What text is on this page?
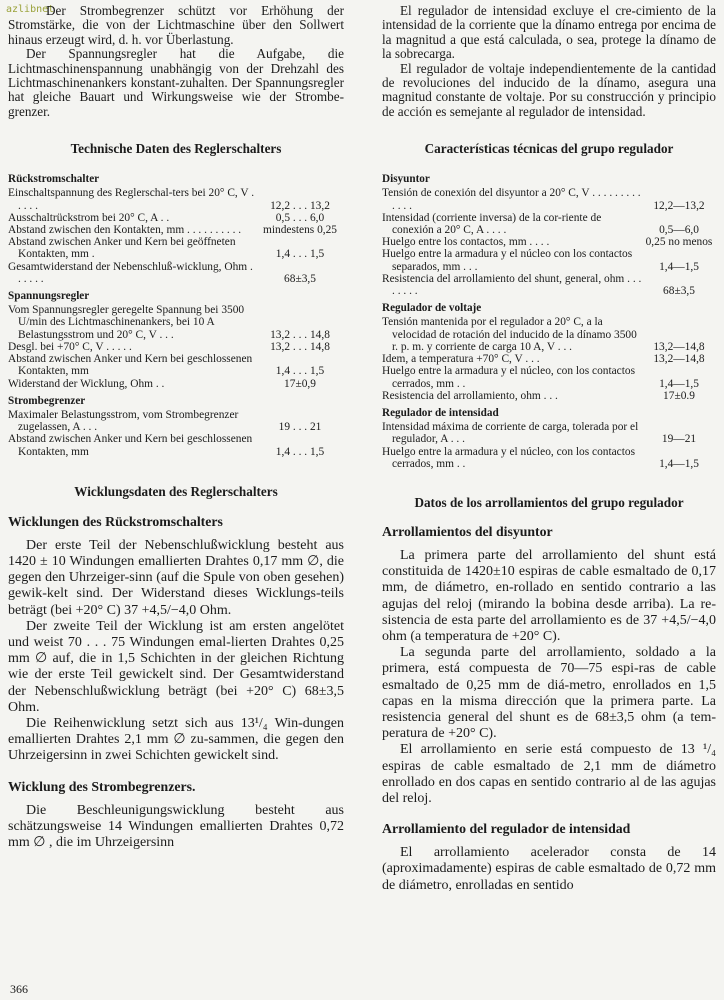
azlibnet

Der Strombegrenzer schützt vor Erhöhung der Stromstärke, die von der Lichtmaschine über den Sollwert hinaus erzeugt wird, d. h. vor Überlastung.

Der Spannungsregler hat die Aufgabe, die Lichtmaschinenspannung unabhängig von der Drehzahl des Lichtmaschinenankers konstant-zuhalten. Der Spannungsregler hat gleiche Bauart und Wirkungsweise wie der Strombe-grenzer.

Technische Daten des Reglerschalters
Rückstromschalter
Einschaltspannung des Reglerschal-ters bei 20° C, V . . . . .	12,2 . . . 13,2
Ausschaltrückstrom bei 20° C, A . .	0,5 . . . 6,0
Abstand zwischen den Kontakten, mm . . . . . . . . . .	mindestens 0,25
Abstand zwischen Anker und Kern bei geöffneten Kontakten, mm .	1,4 . . . 1,5
Gesamtwiderstand der Nebenschluß-wicklung, Ohm . . . . . .	68±3,5
Spannungsregler
Vom Spannungsregler geregelte Spannung bei 3500 U/min des Lichtmaschinenankers, bei 10 A Belastungsstrom und 20° C, V . . .	13,2 . . . 14,8
Desgl. bei +70° C, V . . . . .	13,2 . . . 14,8
Abstand zwischen Anker und Kern bei geschlossenen Kontakten, mm	1,4 . . . 1,5
Widerstand der Wicklung, Ohm . .	17±0,9
Strombegrenzer
Maximaler Belastungsstrom, vom Strombegrenzer zugelassen, A . . .	19 . . . 21
Abstand zwischen Anker und Kern bei geschlossenen Kontakten, mm	1,4 . . . 1,5
Wicklungsdaten des Reglerschalters
Wicklungen des Rückstromschalters

Der erste Teil der Nebenschlußwicklung besteht aus 1420 ± 10 Windungen emallierten Drahtes 0,17 mm ∅, die gegen den Uhrzeiger-sinn (auf die Spule von oben gesehen) gewik-kelt sind. Der Widerstand dieses Wicklungs-teils beträgt (bei +20° C) 37 +4,5/−4,0 Ohm.

Der zweite Teil der Wicklung ist am ersten angelötet und weist 70 . . . 75 Windungen emal-lierten Drahtes 0,25 mm ∅ auf, die in 1,5 Schichten in der gleichen Richtung wie der erste Teil gewickelt sind. Der Gesamtwiderstand der Nebenschlußwicklung beträgt (bei +20° C) 68±3,5 Ohm.

Die Reihenwicklung setzt sich aus 13¹/₄ Win-dungen emallierten Drahtes 2,1 mm ∅ zu-sammen, die gegen den Uhrzeigersinn in zwei Schichten gewickelt sind.

Wicklung des Strombegrenzers.

Die Beschleunigungswicklung besteht aus schätzungsweise 14 Windungen emallierten Drahtes 0,72 mm ∅ , die im Uhrzeigersinn

El regulador de intensidad excluye el cre-cimiento de la intensidad de la corriente que la dínamo entrega por encima de la magnitud a que está calculada, o sea, protege la dínamo de la sobrecarga.

El regulador de voltaje independientemente de la cantidad de revoluciones del inducido de la dínamo, asegura una magnitud constante de voltaje. Por su construcción y principio de acción es semejante al regulador de intensidad.

Características técnicas del grupo regulador
Disyuntor
Tensión de conexión del disyuntor a 20° C, V . . . . . . . . . . . . .	12,2—13,2
Intensidad (corriente inversa) de la cor-riente de conexión a 20° C, A . . . .	0,5—6,0
Huelgo entre los contactos, mm . . . .	0,25 no menos
Huelgo entre la armadura y el núcleo con los contactos separados, mm . . .	1,4—1,5
Resistencia del arrollamiento del shunt, general, ohm . . . . . . . .	68±3,5
Regulador de voltaje
Tensión mantenida por el regulador a 20° C, a la velocidad de rotación del inducido de la dínamo 3500 r. p. m. y corriente de carga 10 A, V . . .	13,2—14,8
Idem, a temperatura +70° C, V . . .	13,2—14,8
Huelgo entre la armadura y el núcleo, con los contactos cerrados, mm . .	1,4—1,5
Resistencia del arrollamiento, ohm . . .	17±0.9
Regulador de intensidad
Intensidad máxima de corriente de carga, tolerada por el regulador, A . . .	19—21
Huelgo entre la armadura y el núcleo, con los contactos cerrados, mm . .	1,4—1,5
Datos de los arrollamientos del grupo regulador
Arrollamientos del disyuntor

La primera parte del arrollamiento del shunt está constituida de 1420±10 espiras de cable esmaltado de 0,17 mm, de diámetro, en-rollado en sentido contrario a las agujas del reloj (mirando la bobina desde arriba). La re-sistencia de esta parte del arrollamiento es de 37 +4,5/−4,0 ohm (a temperatura de +20° C).

La segunda parte del arrollamiento, soldado a la primera, está compuesta de 70—75 espi-ras de cable esmaltado de 0,25 mm de diá-metro, enrollados en 1,5 capas en la misma dirección que la primera parte. La resistencia general del shunt es de 68±3,5 ohm (a tem-peratura de +20° C).

El arrollamiento en serie está compuesto de 13 ¹/₄ espiras de cable esmaltado de 2,1 mm de diámetro enrollado en dos capas en sentido contrario al de las agujas del reloj.

Arrollamiento del regulador de intensidad

El arrollamiento acelerador consta de 14 (aproximadamente) espiras de cable esmaltado de 0,72 mm de diámetro, enrolladas en sentido

366
